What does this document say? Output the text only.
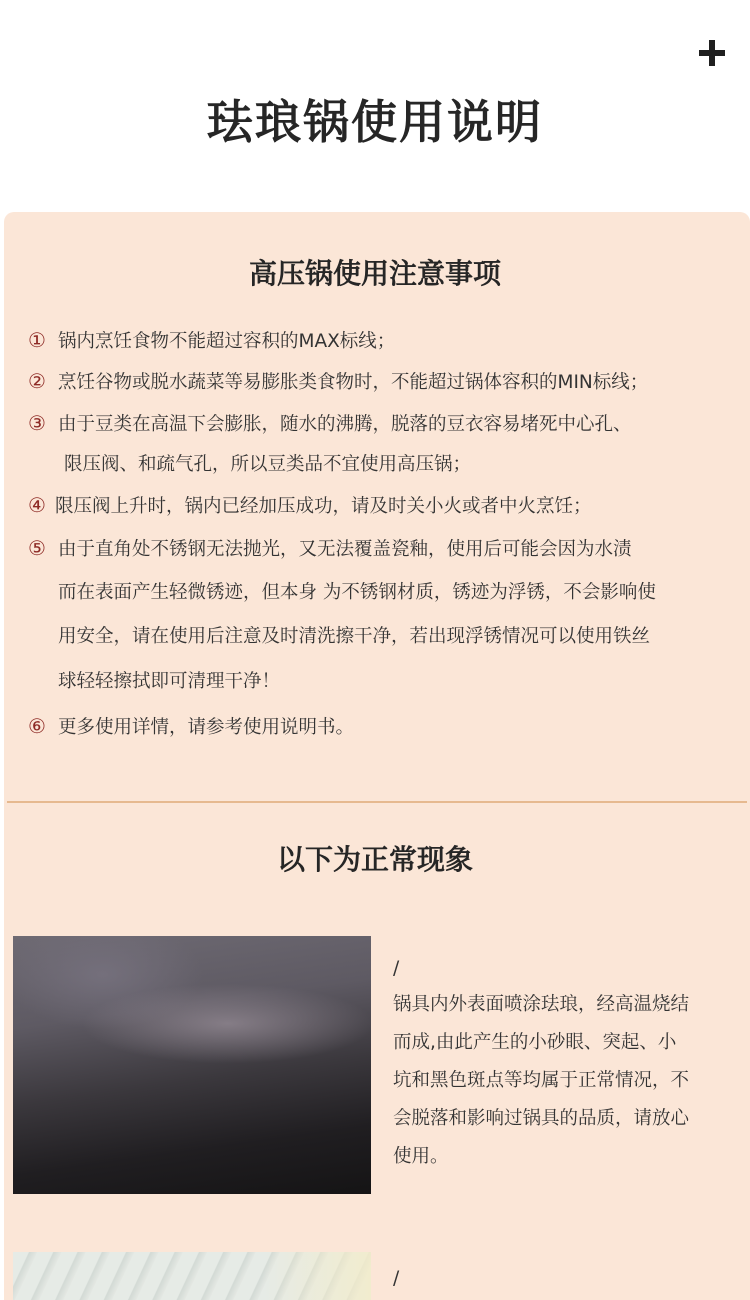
珐琅锅使用说明
高压锅使用注意事项
① 锅内烹饪食物不能超过容积的MAX标线；
② 烹饪谷物或脱水蔬菜等易膨胀类食物时，不能超过锅体容积的MIN标线；
③ 由于豆类在高温下会膨胀，随水的沸腾，脱落的豆衣容易堵死中心孔、
限压阀、和疏气孔，所以豆类品不宜使用高压锅；
④ 限压阀上升时，锅内已经加压成功，请及时关小火或者中火烹饪；
⑤ 由于直角处不锈钢无法抛光，又无法覆盖瓷釉，使用后可能会因为水渍
而在表面产生轻微锈迹，但本身 为不锈钢材质，锈迹为浮锈，不会影响使
用安全，请在使用后注意及时清洗擦干净，若出现浮锈情况可以使用铁丝
球轻轻擦拭即可清理干净！
⑥ 更多使用详情，请参考使用说明书。
以下为正常现象
/
锅具内外表面喷涂珐琅，经高温烧结
而成,由此产生的小砂眼、突起、小
坑和黑色斑点等均属于正常情况，不
会脱落和影响过锅具的品质，请放心
使用。
/
